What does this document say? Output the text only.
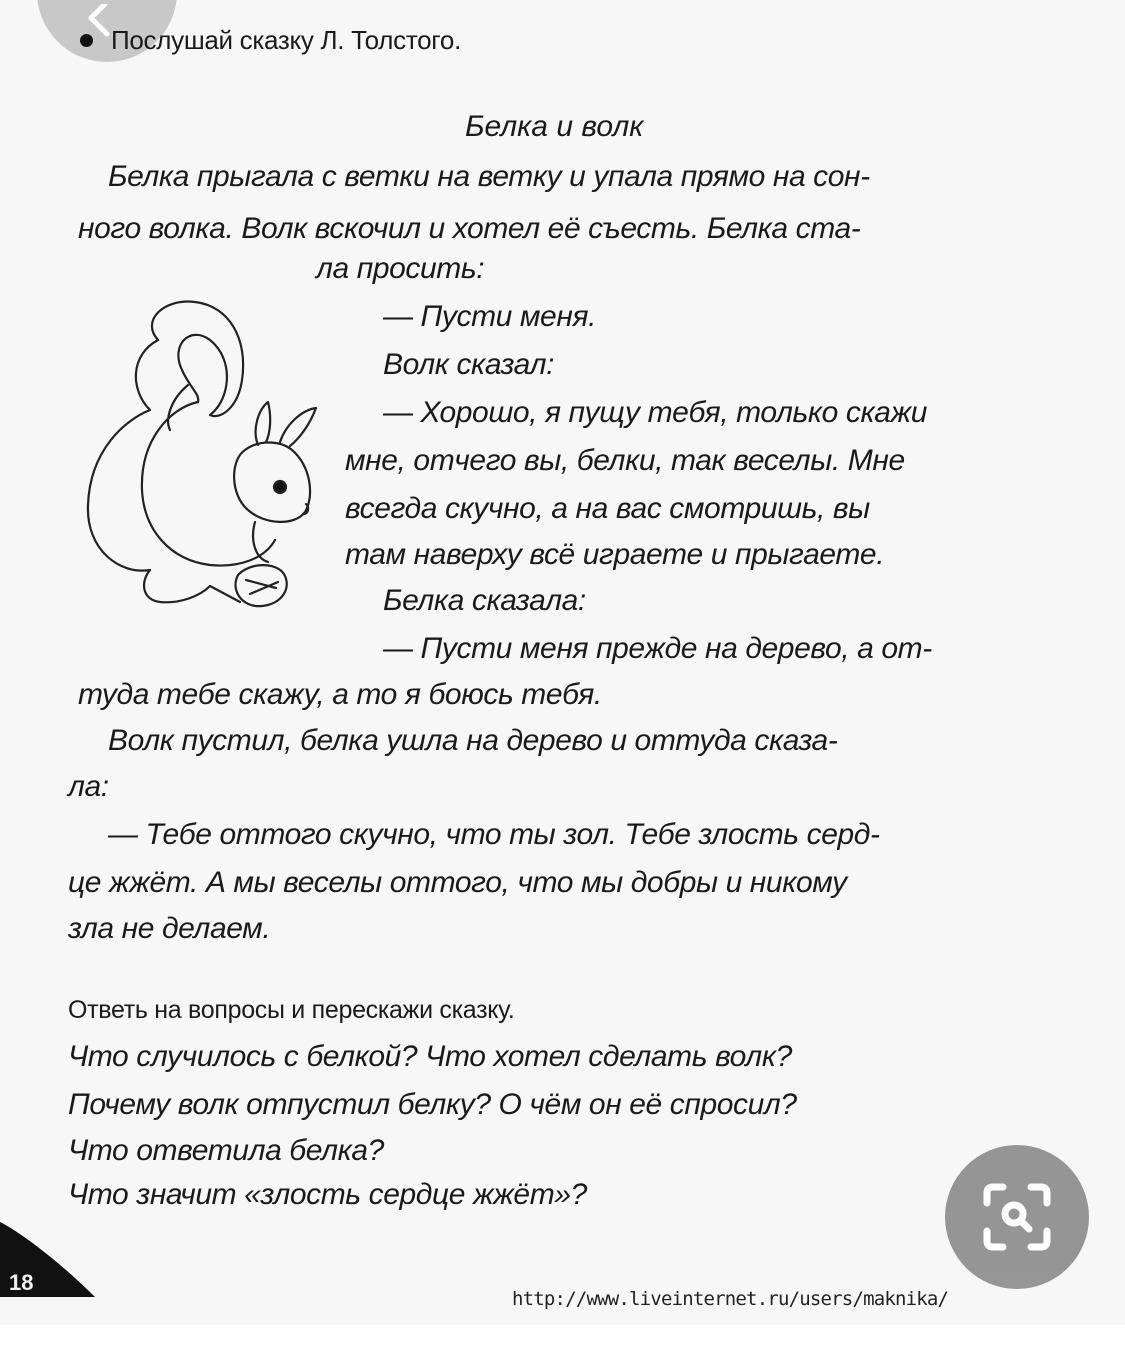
Послушай сказку Л. Толстого.
Белка и волк
Белка прыгала с ветки на ветку и упала прямо на сон-
ного волка. Волк вскочил и хотел её съесть. Белка ста-
ла просить:
— Пусти меня.
Волк сказал:
— Хорошо, я пущу тебя, только скажи
мне, отчего вы, белки, так веселы. Мне
всегда скучно, а на вас смотришь, вы
там наверху всё играете и прыгаете.
Белка сказала:
— Пусти меня прежде на дерево, а от-
туда тебе скажу, а то я боюсь тебя.
Волк пустил, белка ушла на дерево и оттуда сказа-
ла:
— Тебе оттого скучно, что ты зол. Тебе злость серд-
це жжёт. А мы веселы оттого, что мы добры и никому
зла не делаем.
Ответь на вопросы и перескажи сказку.
Что случилось с белкой? Что хотел сделать волк?
Почему волк отпустил белку? О чём он её спросил?
Что ответила белка?
Что значит «злость сердце жжёт»?
18
http://www.liveinternet.ru/users/maknika/
